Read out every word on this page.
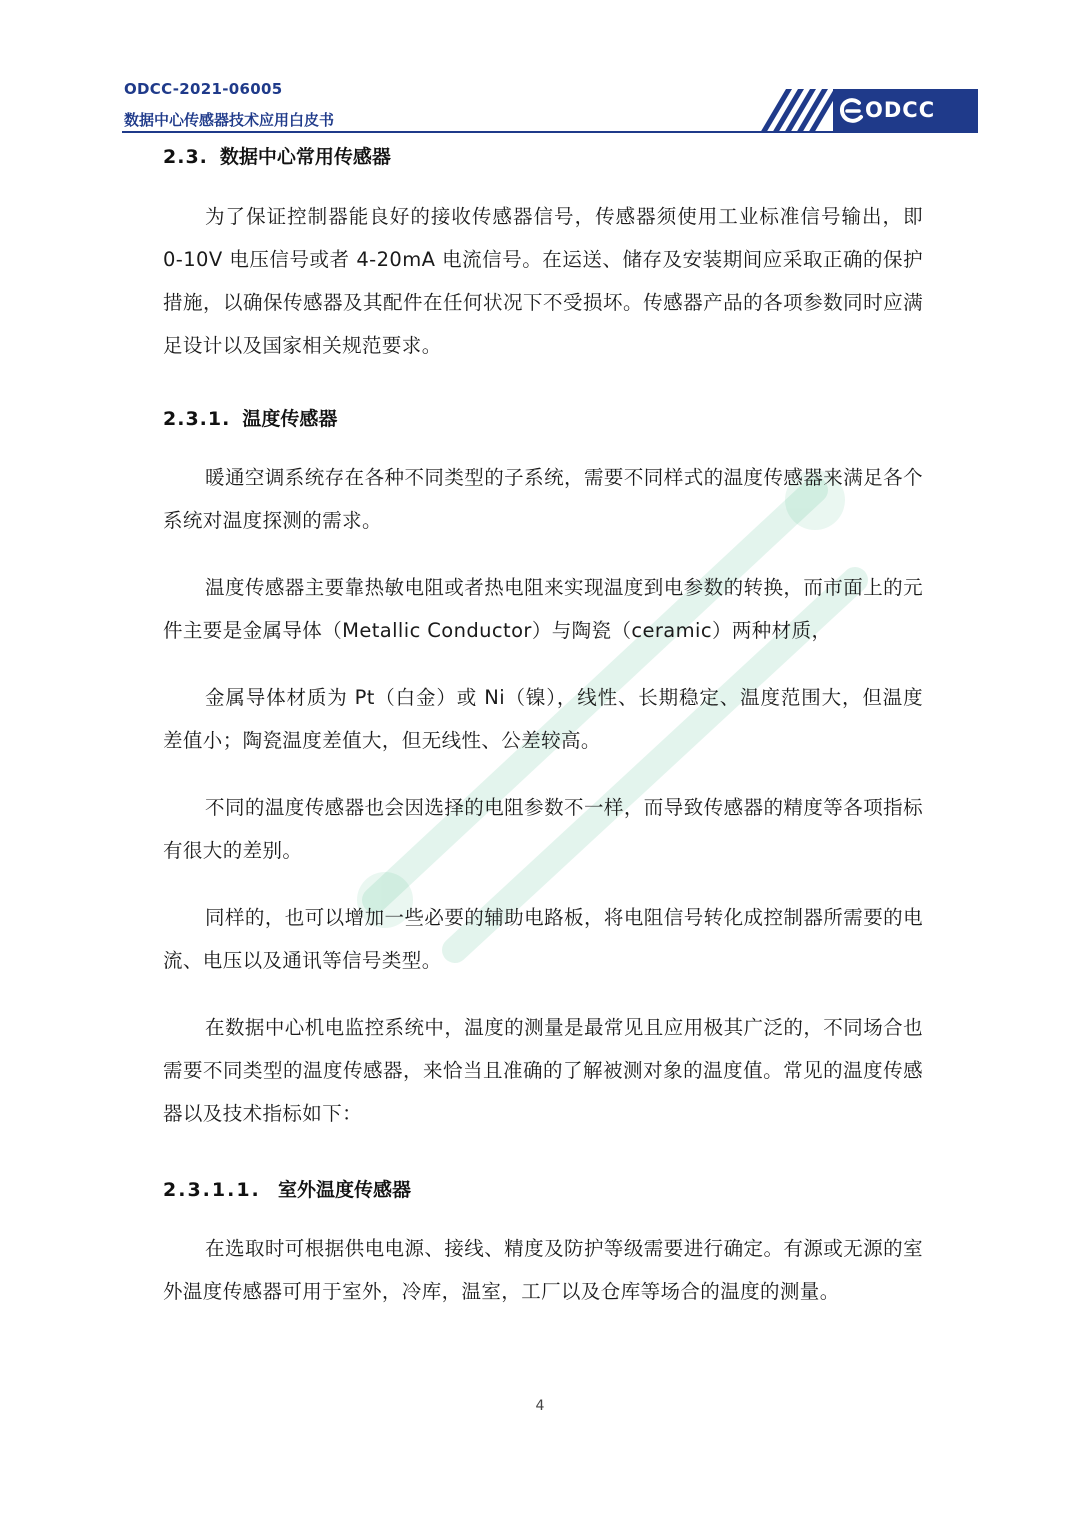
ODCC-2021-06005
数据中心传感器技术应用白皮书	ODCC
2.3. 数据中心常用传感器

为了保证控制器能良好的接收传感器信号，传感器须使用工业标准信号输出，即 0-10V 电压信号或者 4-20mA 电流信号。在运送、储存及安装期间应采取正确的保护措施，以确保传感器及其配件在任何状况下不受损坏。传感器产品的各项参数同时应满足设计以及国家相关规范要求。

2.3.1. 温度传感器

暖通空调系统存在各种不同类型的子系统，需要不同样式的温度传感器来满足各个系统对温度探测的需求。

温度传感器主要靠热敏电阻或者热电阻来实现温度到电参数的转换，而市面上的元件主要是金属导体（Metallic Conductor）与陶瓷（ceramic）两种材质，

金属导体材质为 Pt（白金）或 Ni（镍），线性、长期稳定、温度范围大，但温度差值小；陶瓷温度差值大，但无线性、公差较高。

不同的温度传感器也会因选择的电阻参数不一样，而导致传感器的精度等各项指标有很大的差别。

同样的，也可以增加一些必要的辅助电路板，将电阻信号转化成控制器所需要的电流、电压以及通讯等信号类型。

在数据中心机电监控系统中，温度的测量是最常见且应用极其广泛的，不同场合也需要不同类型的温度传感器，来恰当且准确的了解被测对象的温度值。常见的温度传感器以及技术指标如下：

2.3.1.1. 室外温度传感器

在选取时可根据供电电源、接线、精度及防护等级需要进行确定。有源或无源的室外温度传感器可用于室外，冷库，温室，工厂以及仓库等场合的温度的测量。

4
